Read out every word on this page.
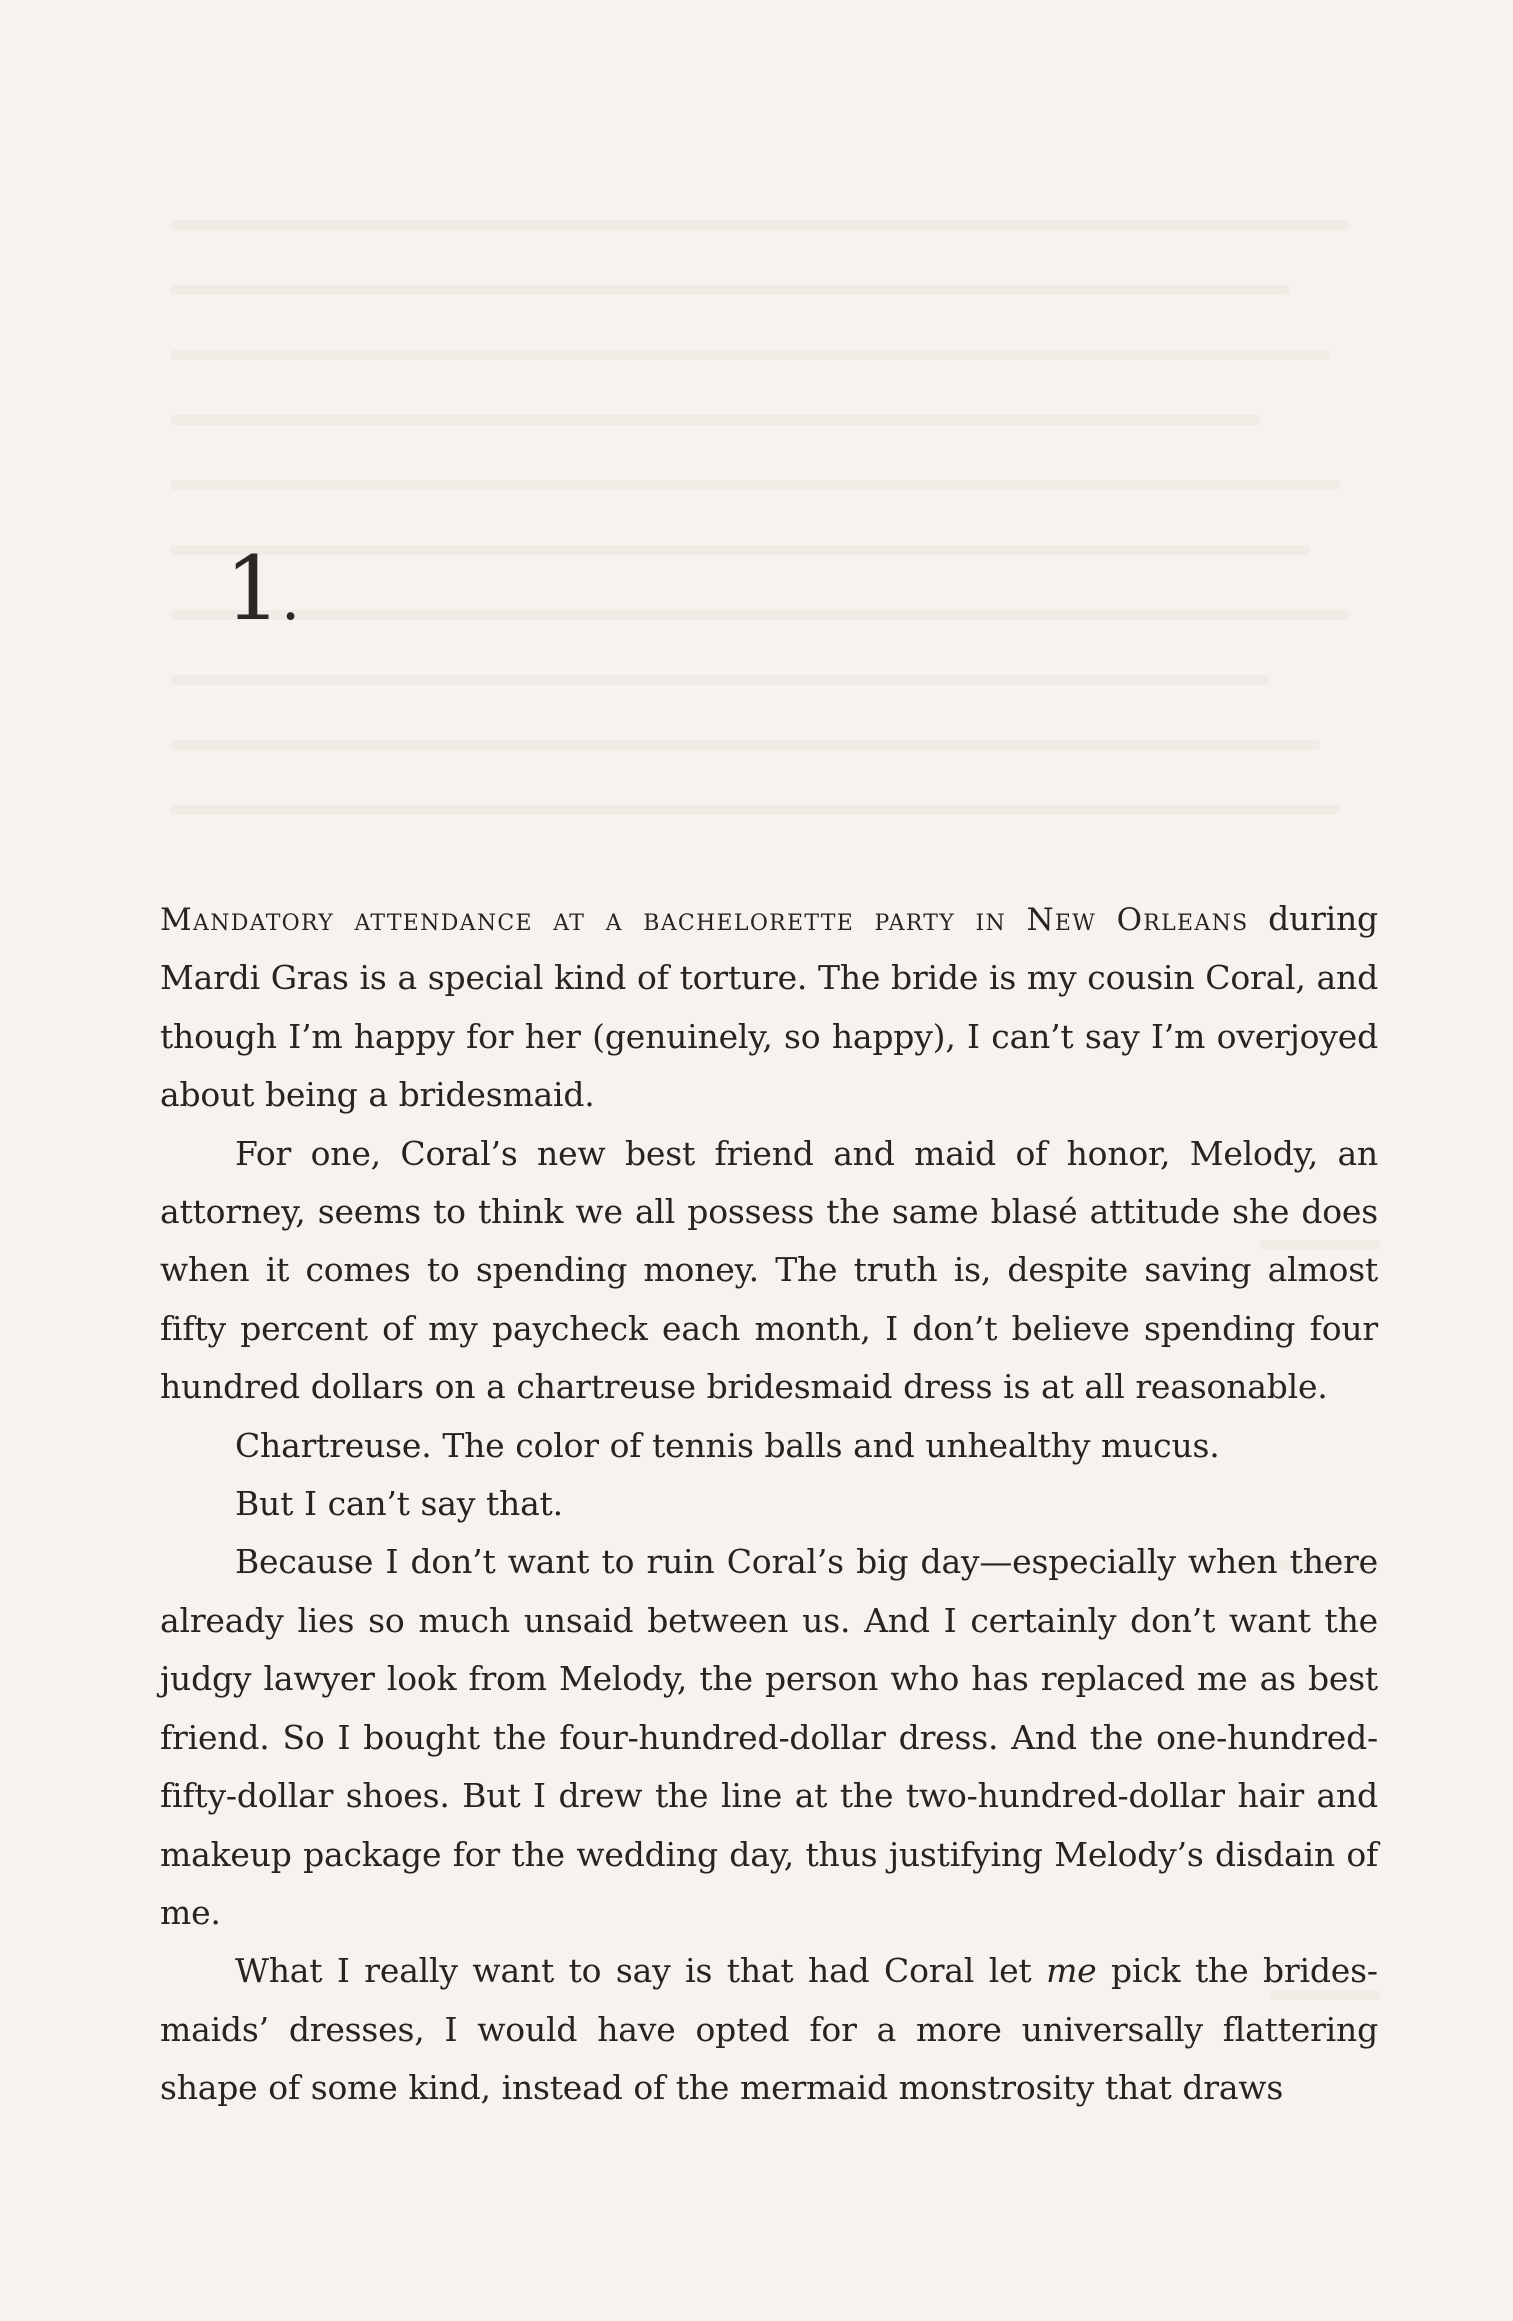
1.

Mandatory attendance at a bachelorette party in New Orleans during Mardi Gras is a special kind of torture. The bride is my cousin Coral, and though I’m happy for her (genuinely, so happy), I can’t say I’m overjoyed about being a bridesmaid.

For one, Coral’s new best friend and maid of honor, Melody, an attorney, seems to think we all possess the same blasé attitude she does when it comes to spending money. The truth is, despite saving almost fifty percent of my paycheck each month, I don’t believe spending four hundred dollars on a chartreuse bridesmaid dress is at all reasonable.

Chartreuse. The color of tennis balls and unhealthy mucus.

But I can’t say that.

Because I don’t want to ruin Coral’s big day—especially when there already lies so much unsaid between us. And I certainly don’t want the judgy lawyer look from Melody, the person who has replaced me as best friend. So I bought the four-hundred-dollar dress. And the one-hundred-fifty-dollar shoes. But I drew the line at the two-hundred-dollar hair and makeup package for the wedding day, thus justifying Melody’s disdain of me.

What I really want to say is that had Coral let me pick the bridesmaids’ dresses, I would have opted for a more universally flattering shape of some kind, instead of the mermaid monstrosity that draws
